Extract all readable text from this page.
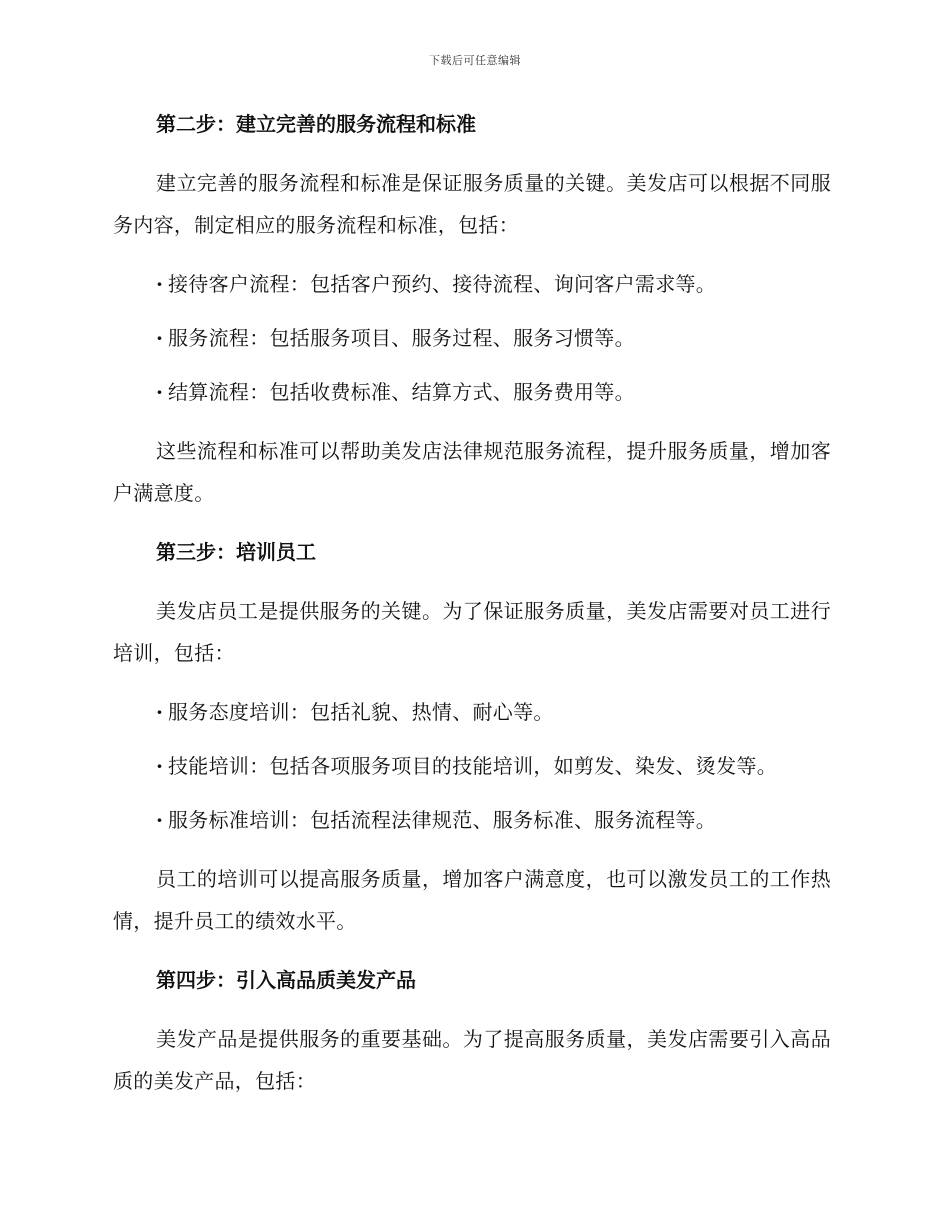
下载后可任意编辑
第二步：建立完善的服务流程和标准

建立完善的服务流程和标准是保证服务质量的关键。美发店可以根据不同服务内容，制定相应的服务流程和标准，包括：

· 接待客户流程：包括客户预约、接待流程、询问客户需求等。
· 服务流程：包括服务项目、服务过程、服务习惯等。
· 结算流程：包括收费标准、结算方式、服务费用等。

这些流程和标准可以帮助美发店法律规范服务流程，提升服务质量，增加客户满意度。

第三步：培训员工

美发店员工是提供服务的关键。为了保证服务质量，美发店需要对员工进行培训，包括：

· 服务态度培训：包括礼貌、热情、耐心等。
· 技能培训：包括各项服务项目的技能培训，如剪发、染发、烫发等。
· 服务标准培训：包括流程法律规范、服务标准、服务流程等。

员工的培训可以提高服务质量，增加客户满意度，也可以激发员工的工作热情，提升员工的绩效水平。

第四步：引入高品质美发产品

美发产品是提供服务的重要基础。为了提高服务质量，美发店需要引入高品质的美发产品，包括：
